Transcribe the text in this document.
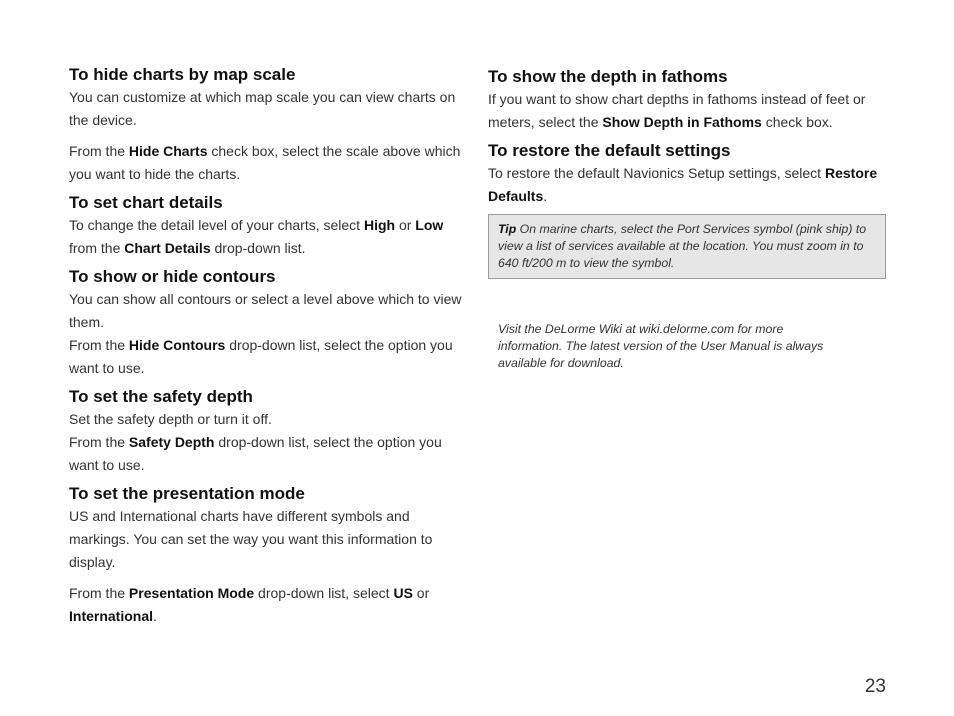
To hide charts by map scale

You can customize at which map scale you can view charts on the device.

From the Hide Charts check box, select the scale above which you want to hide the charts.

To set chart details

To change the detail level of your charts, select High or Low from the Chart Details drop-down list.

To show or hide contours

You can show all contours or select a level above which to view them.

From the Hide Contours drop-down list, select the option you want to use.

To set the safety depth

Set the safety depth or turn it off.

From the Safety Depth drop-down list, select the option you want to use.

To set the presentation mode

US and International charts have different symbols and markings. You can set the way you want this information to display.

From the Presentation Mode drop-down list, select US or International.

To show the depth in fathoms

If you want to show chart depths in fathoms instead of feet or meters, select the Show Depth in Fathoms check box.

To restore the default settings

To restore the default Navionics Setup settings, select Restore Defaults.

Tip On marine charts, select the Port Services symbol (pink ship) to view a list of services available at the location. You must zoom in to 640 ft/200 m to view the symbol.
Visit the DeLorme Wiki at wiki.delorme.com for more information. The latest version of the User Manual is always available for download.
23
